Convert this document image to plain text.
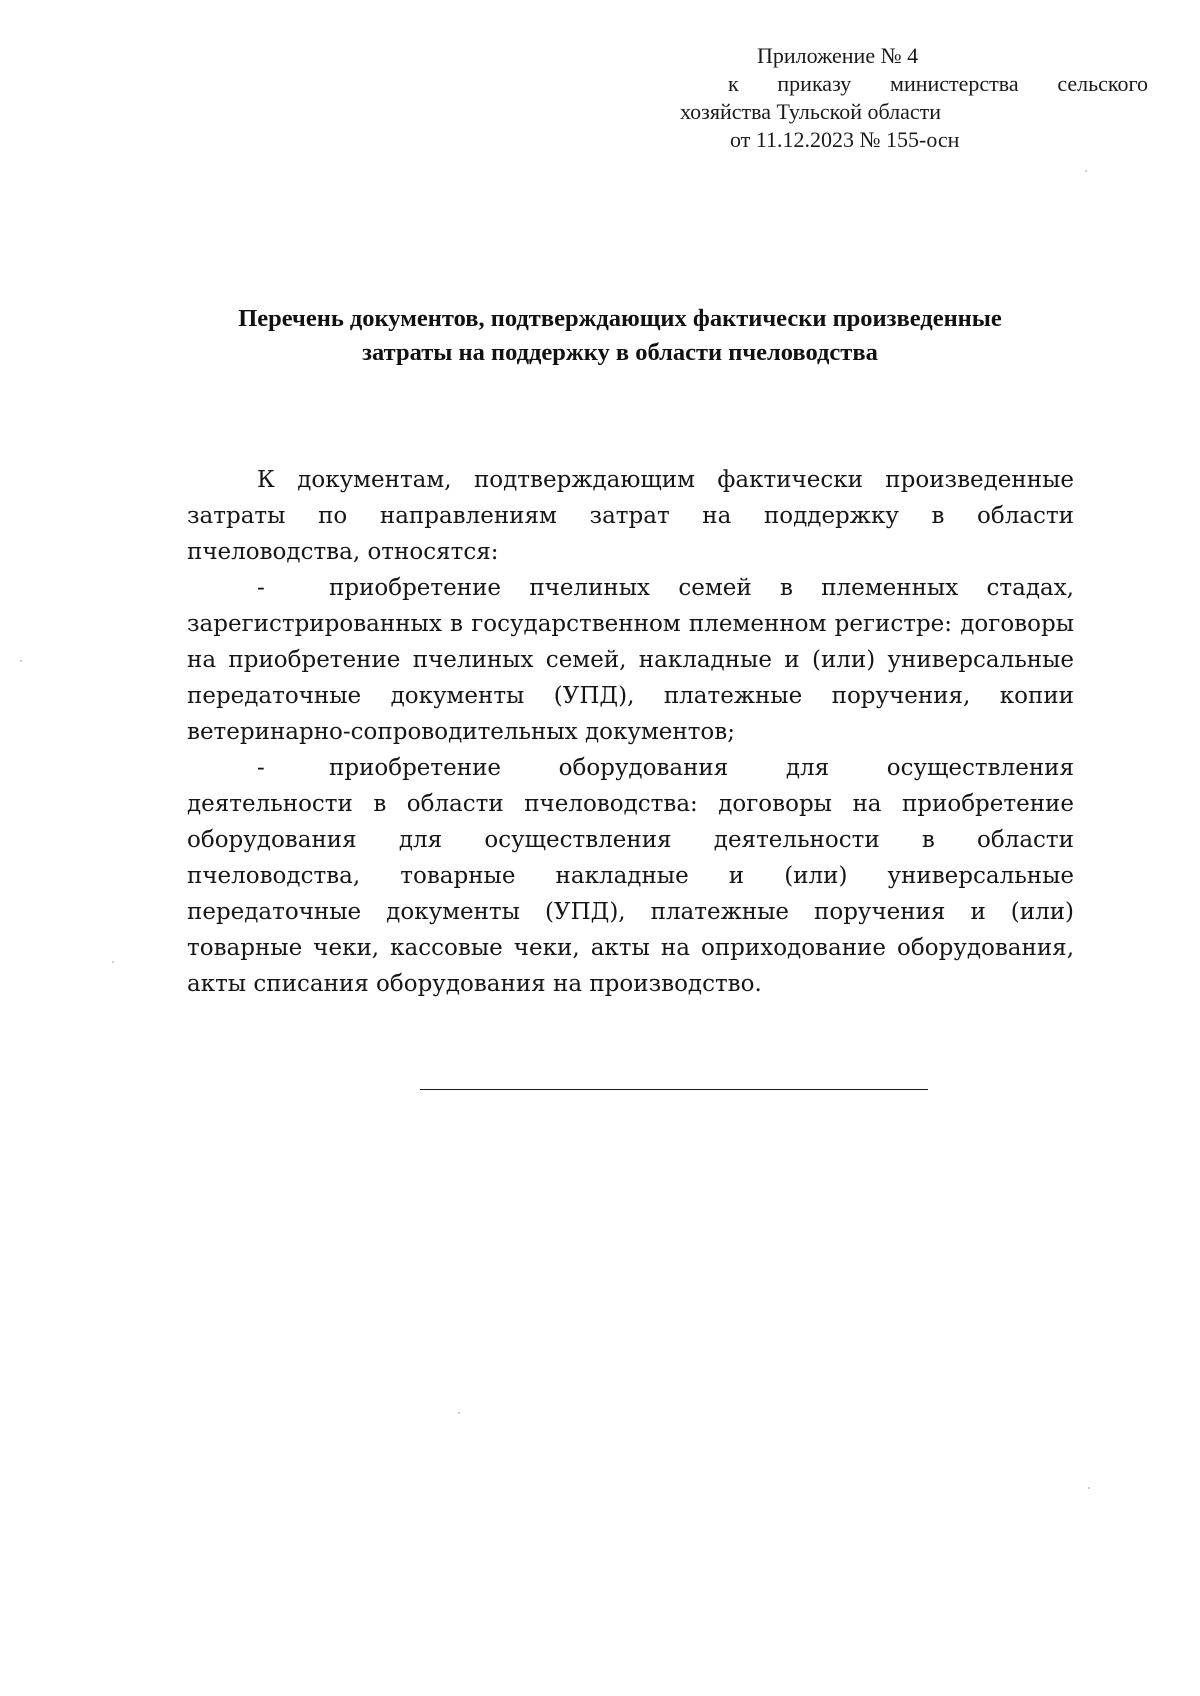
Приложение № 4
к приказу министерства сельского
хозяйства Тульской области
от 11.12.2023 № 155-осн
Перечень документов, подтверждающих фактически произведенные
затраты на поддержку в области пчеловодства

К документам, подтверждающим фактически произведенные затраты по направлениям затрат на поддержку в области пчеловодства, относятся:

-	приобретение пчелиных семей в племенных стадах, зарегистрированных в государственном племенном регистре: договоры на приобретение пчелиных семей, накладные и (или) универсальные передаточные документы (УПД), платежные поручения, копии ветеринарно-сопроводительных документов;

-	приобретение оборудования для осуществления деятельности в области пчеловодства: договоры на приобретение оборудования для осуществления деятельности в области пчеловодства, товарные накладные и (или) универсальные передаточные документы (УПД), платежные поручения и (или) товарные чеки, кассовые чеки, акты на оприходование оборудования, акты списания оборудования на производство.
